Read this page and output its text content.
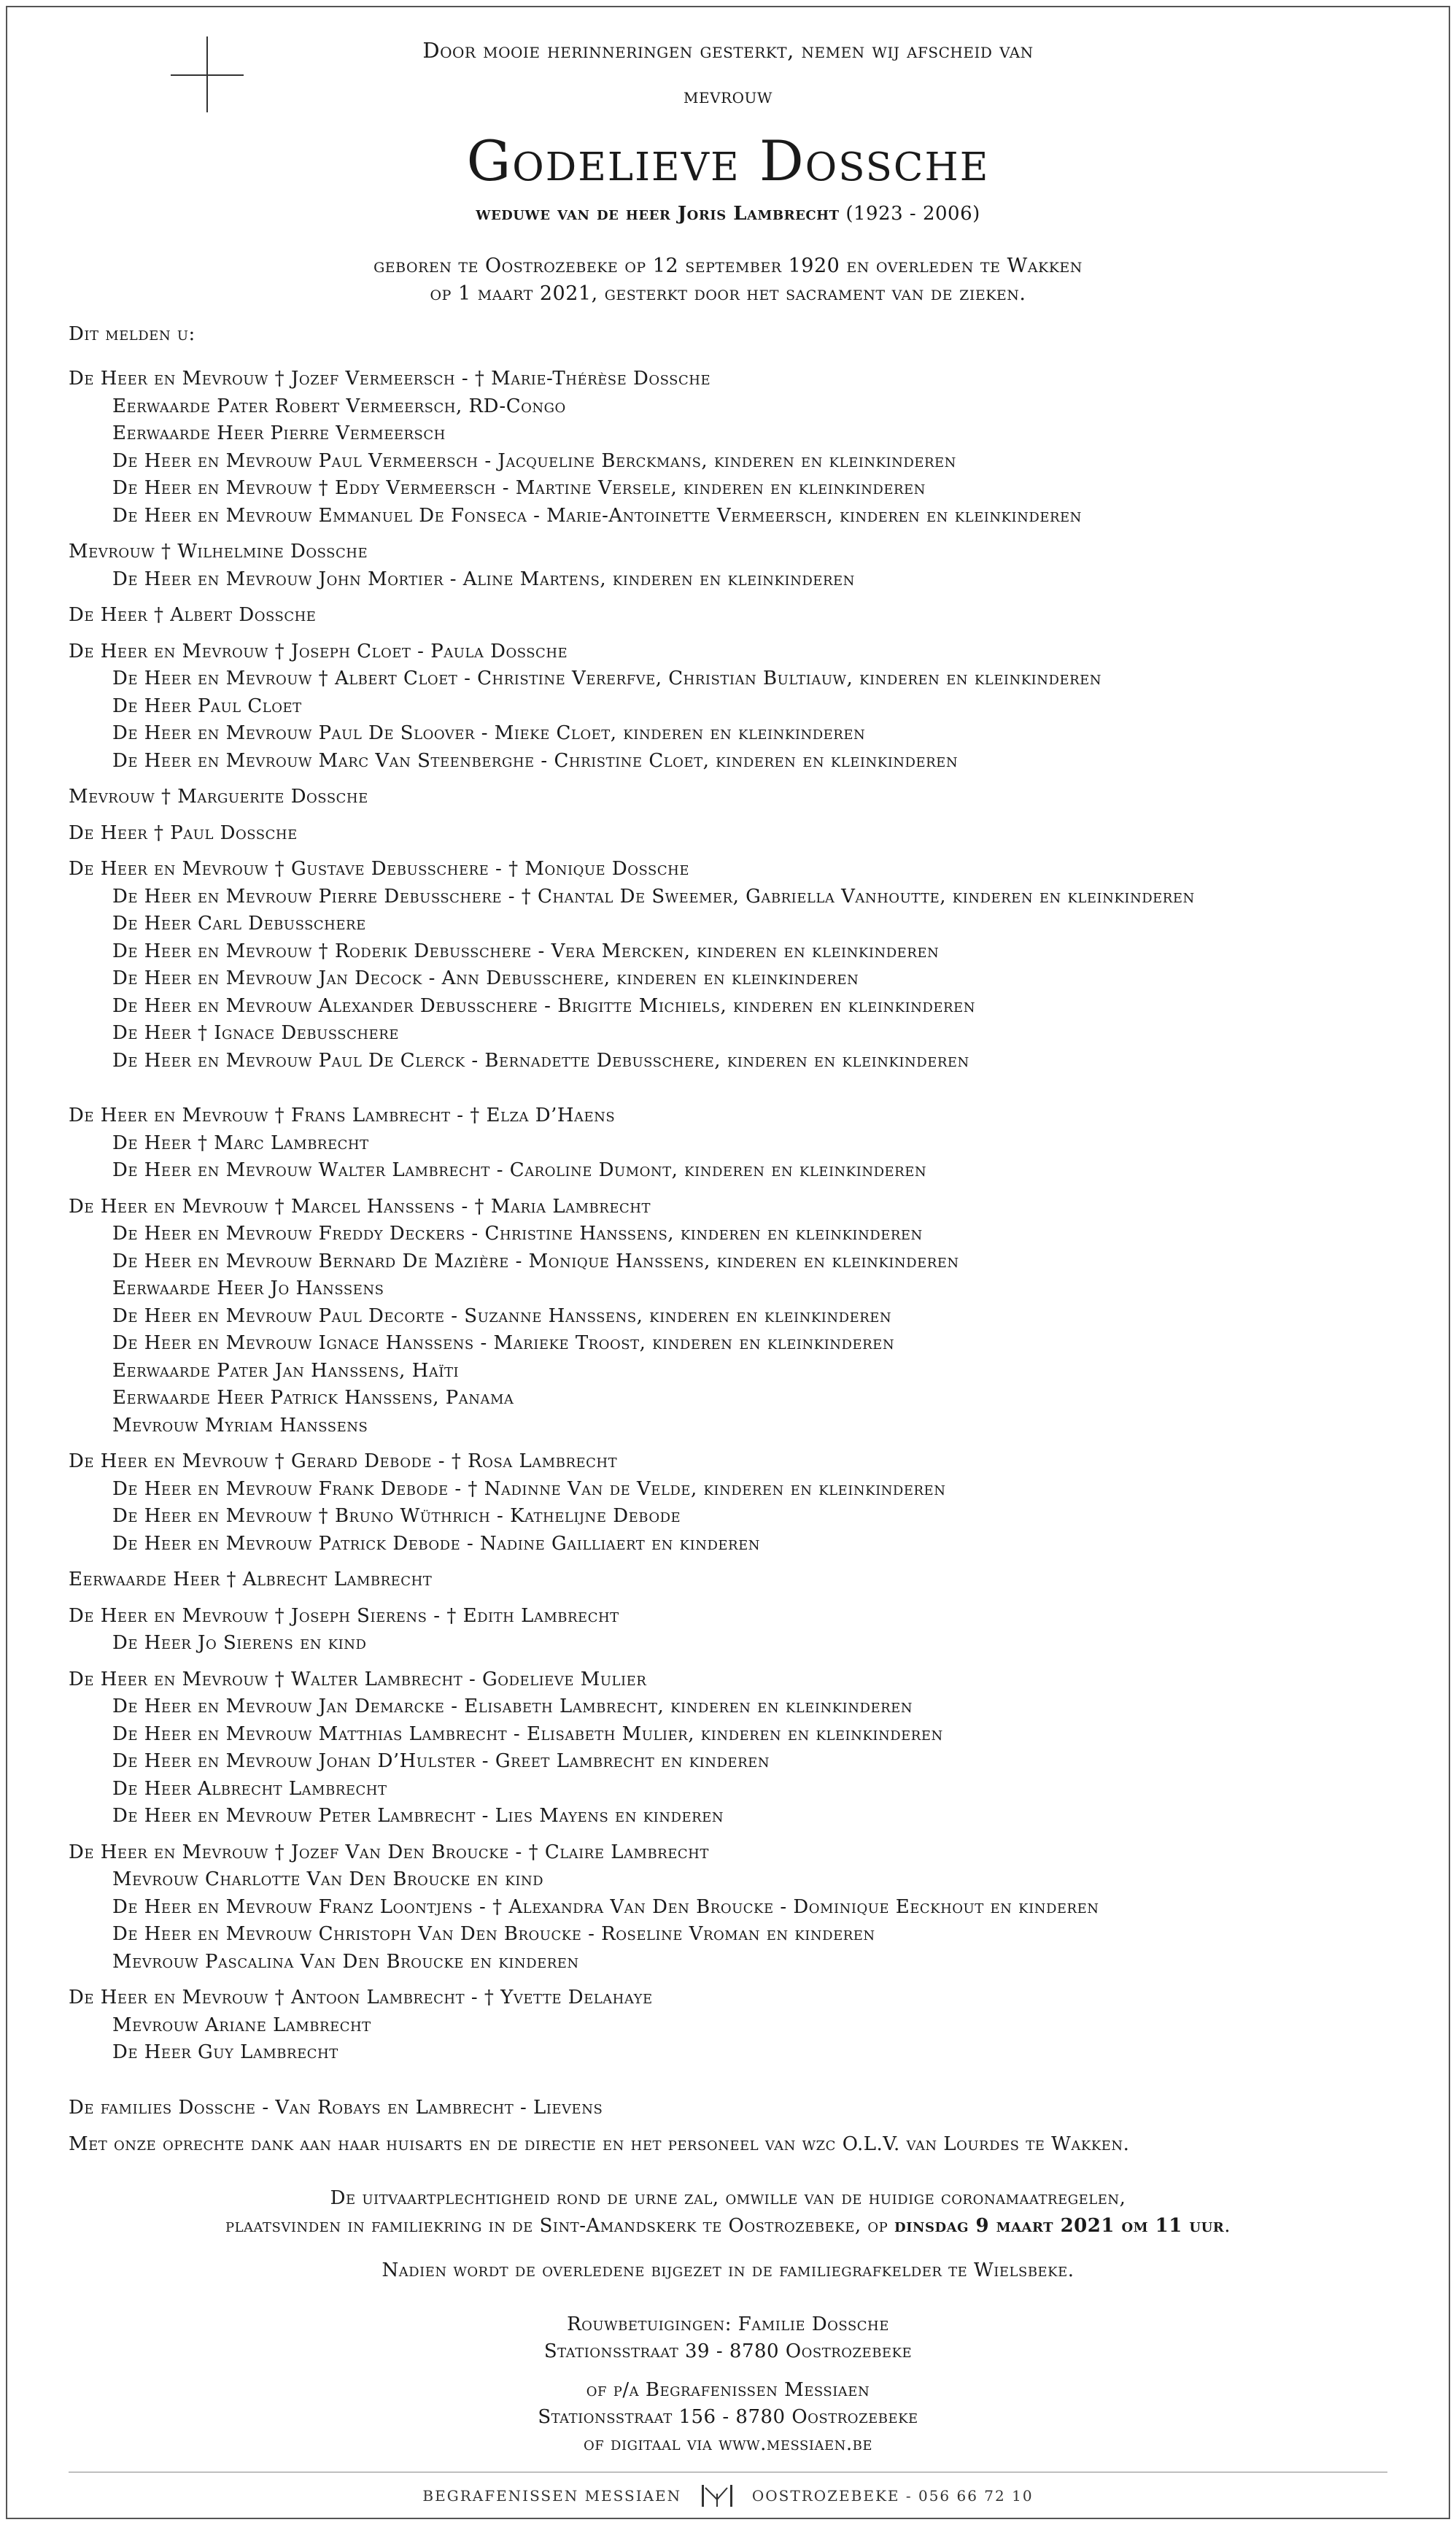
Door mooie herinneringen gesterkt, nemen wij afscheid van
mevrouw
Godelieve Dossche
weduwe van de heer Joris Lambrecht (1923 - 2006)
geboren te Oostrozebeke op 12 september 1920 en overleden te Wakken
op 1 maart 2021, gesterkt door het sacrament van de zieken.
Dit melden u:
De Heer en Mevrouw † Jozef Vermeersch - † Marie-Thérèse Dossche
Eerwaarde Pater Robert Vermeersch, RD-Congo
Eerwaarde Heer Pierre Vermeersch
De Heer en Mevrouw Paul Vermeersch - Jacqueline Berckmans, kinderen en kleinkinderen
De Heer en Mevrouw † Eddy Vermeersch - Martine Versele, kinderen en kleinkinderen
De Heer en Mevrouw Emmanuel De Fonseca - Marie-Antoinette Vermeersch, kinderen en kleinkinderen
Mevrouw † Wilhelmine Dossche
De Heer en Mevrouw John Mortier - Aline Martens, kinderen en kleinkinderen
De Heer † Albert Dossche
De Heer en Mevrouw † Joseph Cloet - Paula Dossche
De Heer en Mevrouw † Albert Cloet - Christine Vererfve, Christian Bultiauw, kinderen en kleinkinderen
De Heer Paul Cloet
De Heer en Mevrouw Paul De Sloover - Mieke Cloet, kinderen en kleinkinderen
De Heer en Mevrouw Marc Van Steenberghe - Christine Cloet, kinderen en kleinkinderen
Mevrouw † Marguerite Dossche
De Heer † Paul Dossche
De Heer en Mevrouw † Gustave Debusschere - † Monique Dossche
De Heer en Mevrouw Pierre Debusschere - † Chantal De Sweemer, Gabriella Vanhoutte, kinderen en kleinkinderen
De Heer Carl Debusschere
De Heer en Mevrouw † Roderik Debusschere - Vera Mercken, kinderen en kleinkinderen
De Heer en Mevrouw Jan Decock - Ann Debusschere, kinderen en kleinkinderen
De Heer en Mevrouw Alexander Debusschere - Brigitte Michiels, kinderen en kleinkinderen
De Heer † Ignace Debusschere
De Heer en Mevrouw Paul De Clerck - Bernadette Debusschere, kinderen en kleinkinderen
De Heer en Mevrouw † Frans Lambrecht - † Elza D’Haens
De Heer † Marc Lambrecht
De Heer en Mevrouw Walter Lambrecht - Caroline Dumont, kinderen en kleinkinderen
De Heer en Mevrouw † Marcel Hanssens - † Maria Lambrecht
De Heer en Mevrouw Freddy Deckers - Christine Hanssens, kinderen en kleinkinderen
De Heer en Mevrouw Bernard De Mazière - Monique Hanssens, kinderen en kleinkinderen
Eerwaarde Heer Jo Hanssens
De Heer en Mevrouw Paul Decorte - Suzanne Hanssens, kinderen en kleinkinderen
De Heer en Mevrouw Ignace Hanssens - Marieke Troost, kinderen en kleinkinderen
Eerwaarde Pater Jan Hanssens, Haïti
Eerwaarde Heer Patrick Hanssens, Panama
Mevrouw Myriam Hanssens
De Heer en Mevrouw † Gerard Debode - † Rosa Lambrecht
De Heer en Mevrouw Frank Debode - † Nadinne Van de Velde, kinderen en kleinkinderen
De Heer en Mevrouw † Bruno Wüthrich - Kathelijne Debode
De Heer en Mevrouw Patrick Debode - Nadine Gailliaert en kinderen
Eerwaarde Heer † Albrecht Lambrecht
De Heer en Mevrouw † Joseph Sierens - † Edith Lambrecht
De Heer Jo Sierens en kind
De Heer en Mevrouw † Walter Lambrecht - Godelieve Mulier
De Heer en Mevrouw Jan Demarcke - Elisabeth Lambrecht, kinderen en kleinkinderen
De Heer en Mevrouw Matthias Lambrecht - Elisabeth Mulier, kinderen en kleinkinderen
De Heer en Mevrouw Johan D’Hulster - Greet Lambrecht en kinderen
De Heer Albrecht Lambrecht
De Heer en Mevrouw Peter Lambrecht - Lies Mayens en kinderen
De Heer en Mevrouw † Jozef Van Den Broucke - † Claire Lambrecht
Mevrouw Charlotte Van Den Broucke en kind
De Heer en Mevrouw Franz Loontjens - † Alexandra Van Den Broucke - Dominique Eeckhout en kinderen
De Heer en Mevrouw Christoph Van Den Broucke - Roseline Vroman en kinderen
Mevrouw Pascalina Van Den Broucke en kinderen
De Heer en Mevrouw † Antoon Lambrecht - † Yvette Delahaye
Mevrouw Ariane Lambrecht
De Heer Guy Lambrecht
De families Dossche - Van Robays en Lambrecht - Lievens
Met onze oprechte dank aan haar huisarts en de directie en het personeel van wzc O.L.V. van Lourdes te Wakken.
De uitvaartplechtigheid rond de urne zal, omwille van de huidige coronamaatregelen,
plaatsvinden in familiekring in de Sint-Amandskerk te Oostrozebeke, op dinsdag 9 maart 2021 om 11 uur.
Nadien wordt de overledene bijgezet in de familiegrafkelder te Wielsbeke.
Rouwbetuigingen: Familie Dossche
Stationsstraat 39 - 8780 Oostrozebeke
of p/a Begrafenissen Messiaen
Stationsstraat 156 - 8780 Oostrozebeke
of digitaal via www.messiaen.be
BEGRAFENISSEN MESSIAEN	OOSTROZEBEKE - 056 66 72 10
